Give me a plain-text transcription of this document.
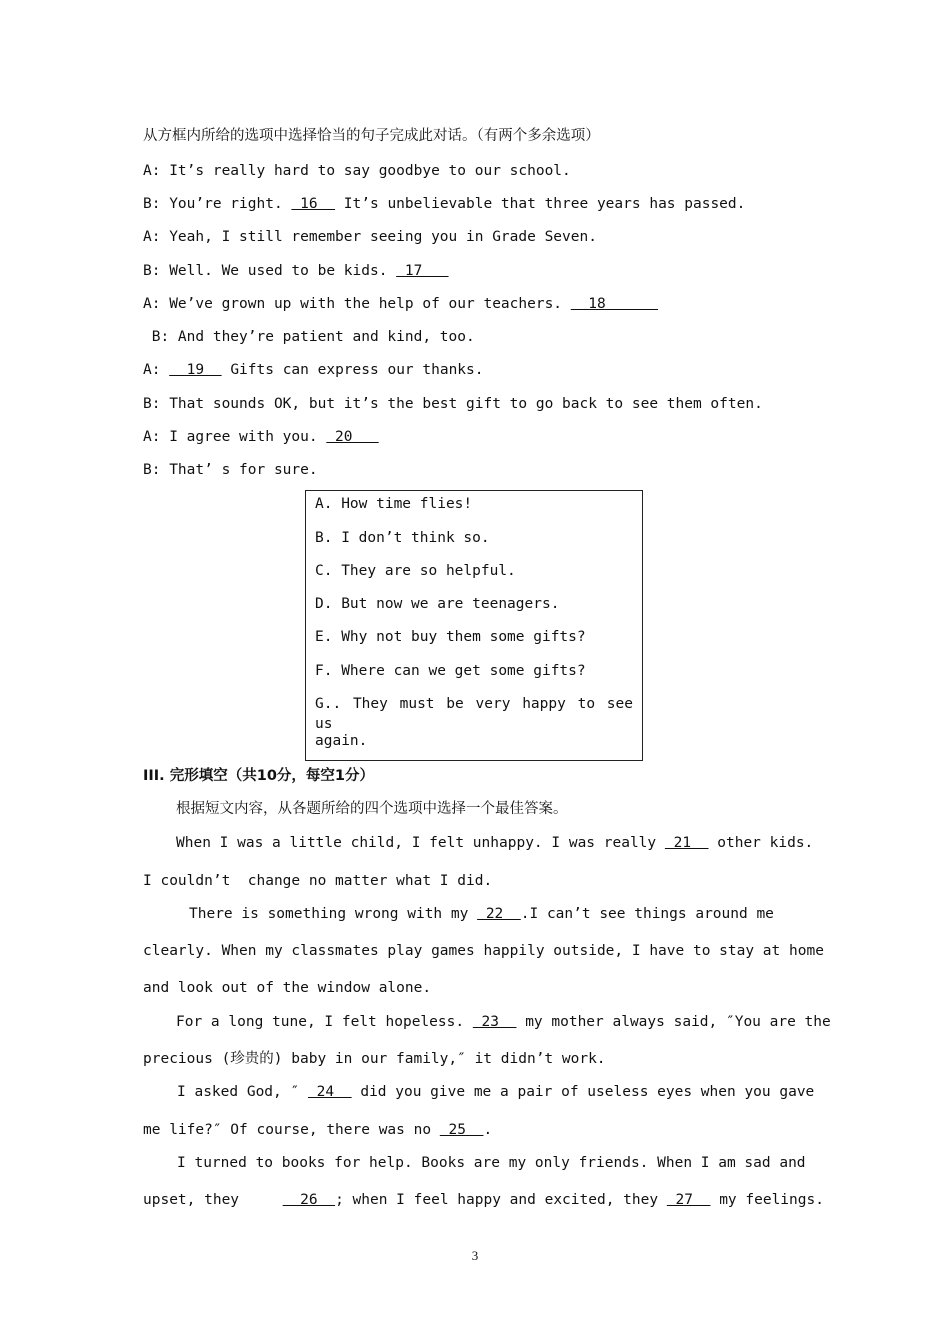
从方框内所给的选项中选择恰当的句子完成此对话。（有两个多余选项）
A: It’s really hard to say goodbye to our school.
B: You’re right.  16   It’s unbelievable that three years has passed.
A: Yeah, I still remember seeing you in Grade Seven.
B: Well. We used to be kids.  17
A: We’ve grown up with the help of our teachers.   18
B: And they’re patient and kind, too.
A:   19   Gifts can express our thanks.
B: That sounds OK, but it’s the best gift to go back to see them often.
A: I agree with you.  20
B: That’ s for sure.
A. How time flies!
B. I don’t think so.
C. They are so helpful.
D. But now we are teenagers.
E. Why not buy them some gifts?
F. Where can we get some gifts?
G.. They must be very happy to see us
again.
III. 完形填空（共10分，每空1分）
根据短文内容，从各题所给的四个选项中选择一个最佳答案。
When I was a little child, I felt unhappy. I was really  21   other kids.
I couldn’t  change no matter what I did.
There is something wrong with my  22  .I can’t see things around me
clearly. When my classmates play games happily outside, I have to stay at home
and look out of the window alone.
For a long tune, I felt hopeless.  23   my mother always said, ″You are the
precious (珍贵的) baby in our family,″ it didn’t work.
I asked God, ″  24   did you give me a pair of useless eyes when you gave
me life?″ Of course, there was no  25  .
I turned to books for help. Books are my only friends. When I am sad and
upset, they       26  ; when I feel happy and excited, they  27   my feelings.
3
